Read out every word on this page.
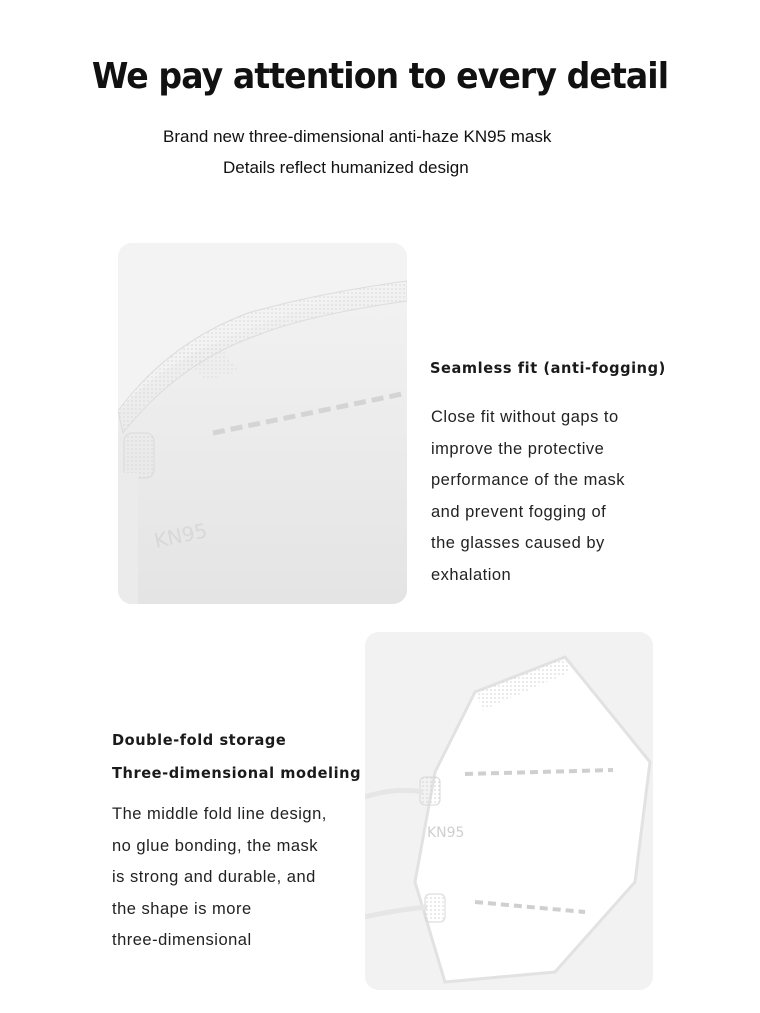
We pay attention to every detail
Brand new three-dimensional anti-haze KN95 mask
Details reflect humanized design
KN95
Seamless fit (anti-fogging)
Close fit without gaps to
improve the protective
performance of the mask
and prevent fogging of
the glasses caused by
exhalation
KN95
Double-fold storage
Three-dimensional modeling
The middle fold line design,
no glue bonding, the mask
is strong and durable, and
the shape is more
three-dimensional
